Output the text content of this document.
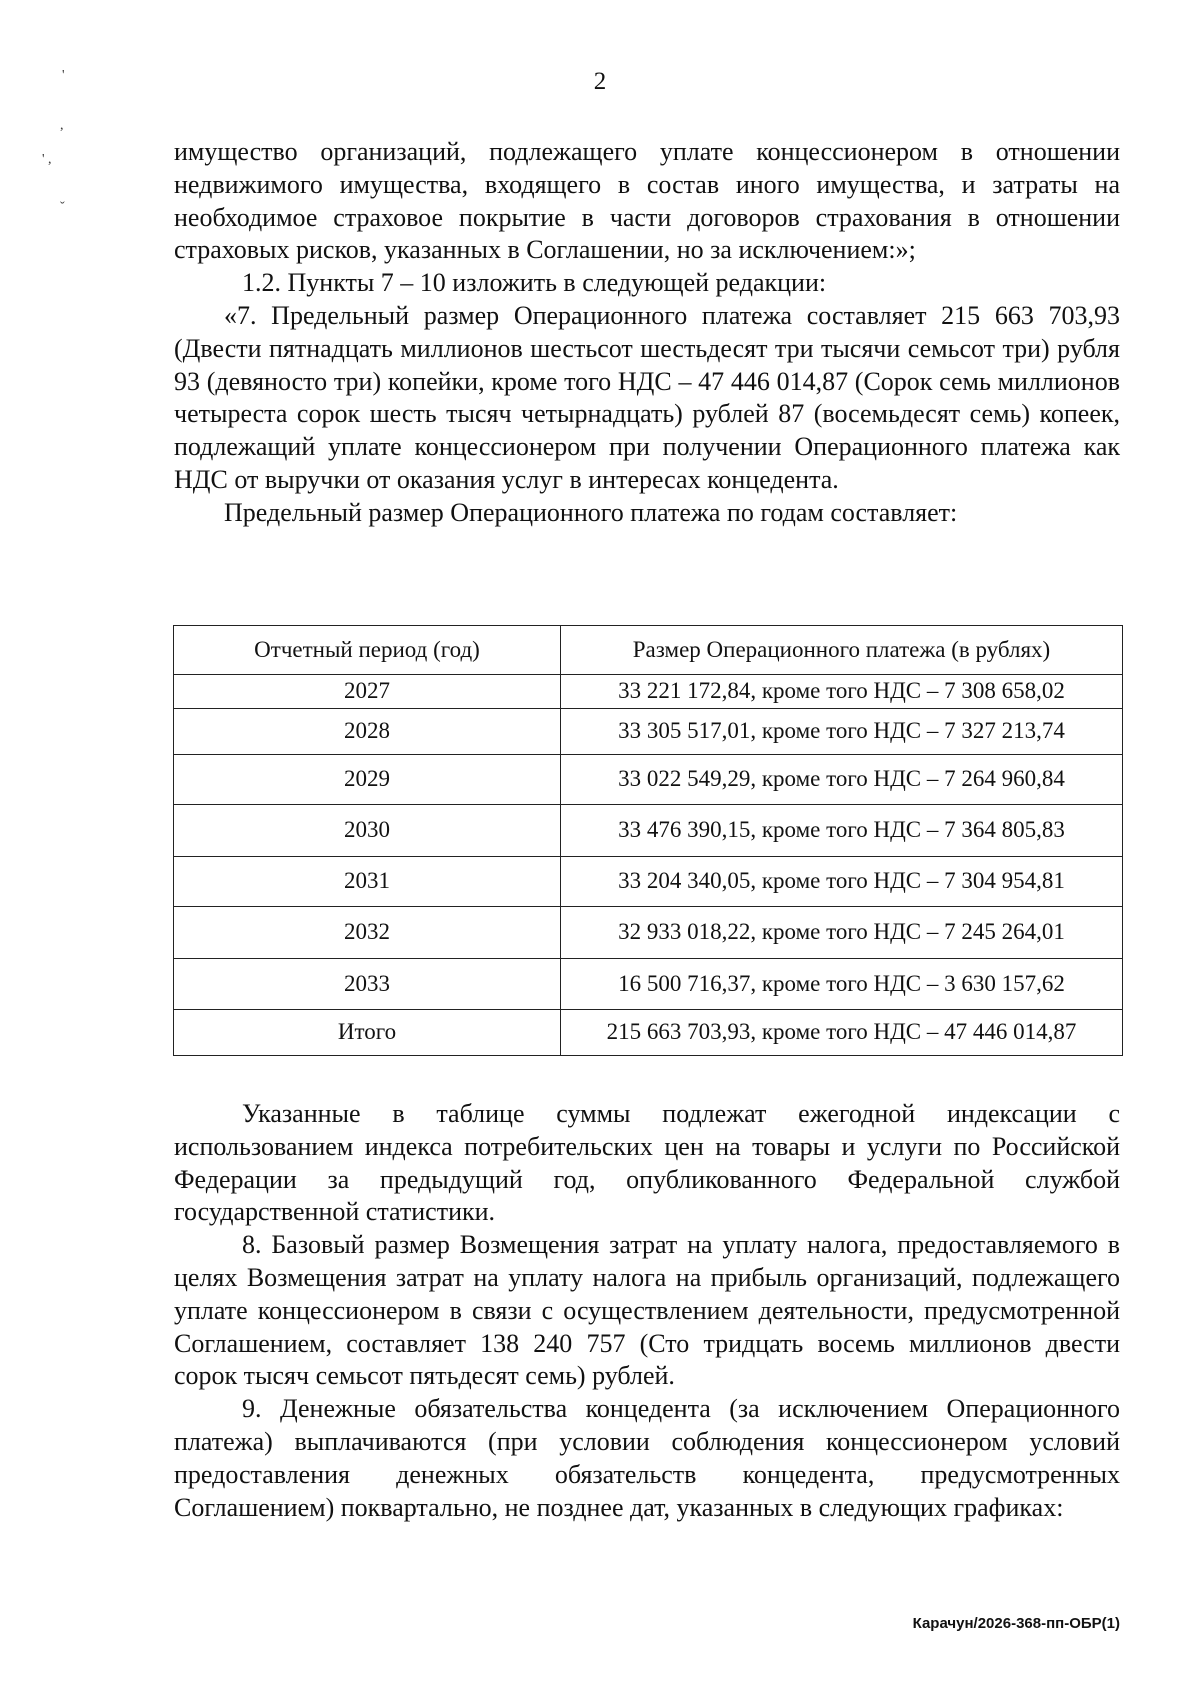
2
'
,
' ,
ˇ

имущество организаций, подлежащего уплате концессионером в отношении недвижимого имущества, входящего в состав иного имущества, и затраты на необходимое страховое покрытие в части договоров страхования в отношении страховых рисков, указанных в Соглашении, но за исключением:»;

1.2. Пункты 7 – 10 изложить в следующей редакции:

«7. Предельный размер Операционного платежа составляет 215 663 703,93 (Двести пятнадцать миллионов шестьсот шестьдесят три тысячи семьсот три) рубля 93 (девяносто три) копейки, кроме того НДС – 47 446 014,87 (Сорок семь миллионов четыреста сорок шесть тысяч четырнадцать) рублей 87 (восемьдесят семь) копеек, подлежащий уплате концессионером при получении Операционного платежа как НДС от выручки от оказания услуг в интересах концедента.

Предельный размер Операционного платежа по годам составляет:

Отчетный период (год)	Размер Операционного платежа (в рублях)
2027	33 221 172,84, кроме того НДС – 7 308 658,02
2028	33 305 517,01, кроме того НДС – 7 327 213,74
2029	33 022 549,29, кроме того НДС – 7 264 960,84
2030	33 476 390,15, кроме того НДС – 7 364 805,83
2031	33 204 340,05, кроме того НДС – 7 304 954,81
2032	32 933 018,22, кроме того НДС – 7 245 264,01
2033	16 500 716,37, кроме того НДС – 3 630 157,62
Итого	215 663 703,93, кроме того НДС – 47 446 014,87

Указанные в таблице суммы подлежат ежегодной индексации с использованием индекса потребительских цен на товары и услуги по Российской Федерации за предыдущий год, опубликованного Федеральной службой государственной статистики.

8. Базовый размер Возмещения затрат на уплату налога, предоставляемого в целях Возмещения затрат на уплату налога на прибыль организаций, подлежащего уплате концессионером в связи с осуществлением деятельности, предусмотренной Соглашением, составляет 138 240 757 (Сто тридцать восемь миллионов двести сорок тысяч семьсот пятьдесят семь) рублей.

9. Денежные обязательства концедента (за исключением Операционного платежа) выплачиваются (при условии соблюдения концессионером условий предоставления денежных обязательств концедента, предусмотренных Соглашением) поквартально, не позднее дат, указанных в следующих графиках:

Карачун/2026-368-пп-ОБР(1)
